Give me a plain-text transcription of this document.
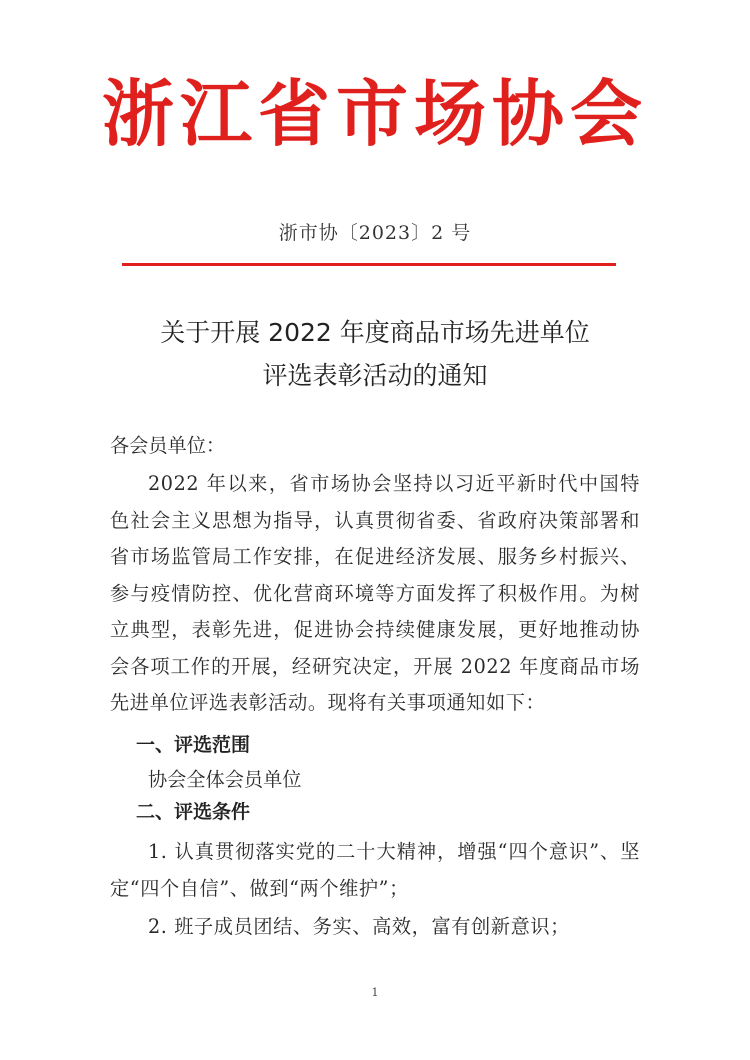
浙江省市场协会
浙市协〔2023〕2 号
关于开展 2022 年度商品市场先进单位
评选表彰活动的通知
各会员单位：
2022 年以来，省市场协会坚持以习近平新时代中国特色社会主义思想为指导，认真贯彻省委、省政府决策部署和省市场监管局工作安排，在促进经济发展、服务乡村振兴、参与疫情防控、优化营商环境等方面发挥了积极作用。为树立典型，表彰先进，促进协会持续健康发展，更好地推动协会各项工作的开展，经研究决定，开展 2022 年度商品市场先进单位评选表彰活动。现将有关事项通知如下：
一、评选范围
协会全体会员单位
二、评选条件
1. 认真贯彻落实党的二十大精神，增强“四个意识”、坚定“四个自信”、做到“两个维护”；
2. 班子成员团结、务实、高效，富有创新意识；
1
